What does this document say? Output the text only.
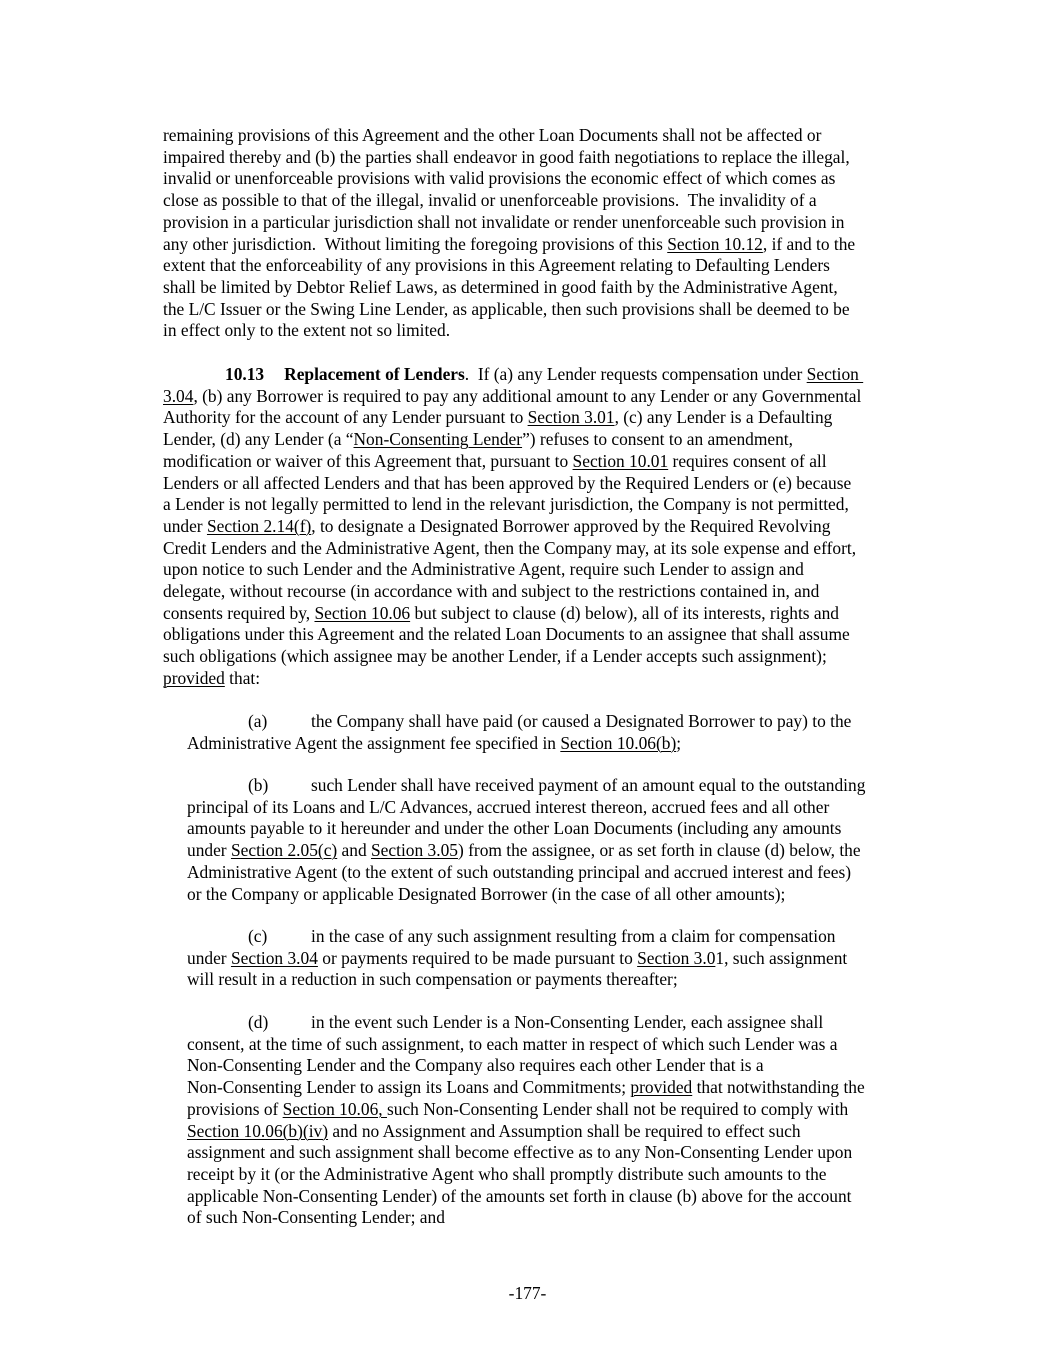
remaining provisions of this Agreement and the other Loan Documents shall not be affected or
impaired thereby and (b) the parties shall endeavor in good faith negotiations to replace the illegal,
invalid or unenforceable provisions with valid provisions the economic effect of which comes as
close as possible to that of the illegal, invalid or unenforceable provisions.  The invalidity of a
provision in a particular jurisdiction shall not invalidate or render unenforceable such provision in
any other jurisdiction.  Without limiting the foregoing provisions of this Section 10.12, if and to the
extent that the enforceability of any provisions in this Agreement relating to Defaulting Lenders
shall be limited by Debtor Relief Laws, as determined in good faith by the Administrative Agent,
the L/C Issuer or the Swing Line Lender, as applicable, then such provisions shall be deemed to be
in effect only to the extent not so limited.
10.13 Replacement of Lenders.  If (a) any Lender requests compensation under Section
3.04, (b) any Borrower is required to pay any additional amount to any Lender or any Governmental
Authority for the account of any Lender pursuant to Section 3.01, (c) any Lender is a Defaulting
Lender, (d) any Lender (a “Non-Consenting Lender”) refuses to consent to an amendment,
modification or waiver of this Agreement that, pursuant to Section 10.01 requires consent of all
Lenders or all affected Lenders and that has been approved by the Required Lenders or (e) because
a Lender is not legally permitted to lend in the relevant jurisdiction, the Company is not permitted,
under Section 2.14(f), to designate a Designated Borrower approved by the Required Revolving
Credit Lenders and the Administrative Agent, then the Company may, at its sole expense and effort,
upon notice to such Lender and the Administrative Agent, require such Lender to assign and
delegate, without recourse (in accordance with and subject to the restrictions contained in, and
consents required by, Section 10.06 but subject to clause (d) below), all of its interests, rights and
obligations under this Agreement and the related Loan Documents to an assignee that shall assume
such obligations (which assignee may be another Lender, if a Lender accepts such assignment);
provided that:
(a)	the Company shall have paid (or caused a Designated Borrower to pay) to the
Administrative Agent the assignment fee specified in Section 10.06(b);
(b) such Lender shall have received payment of an amount equal to the outstanding
principal of its Loans and L/C Advances, accrued interest thereon, accrued fees and all other
amounts payable to it hereunder and under the other Loan Documents (including any amounts
under Section 2.05(c) and Section 3.05) from the assignee, or as set forth in clause (d) below, the
Administrative Agent (to the extent of such outstanding principal and accrued interest and fees)
or the Company or applicable Designated Borrower (in the case of all other amounts);
(c)	in the case of any such assignment resulting from a claim for compensation
under Section 3.04 or payments required to be made pursuant to Section 3.01, such assignment
will result in a reduction in such compensation or payments thereafter;
(d) in the event such Lender is a Non-Consenting Lender, each assignee shall
consent, at the time of such assignment, to each matter in respect of which such Lender was a
Non-Consenting Lender and the Company also requires each other Lender that is a
Non-Consenting Lender to assign its Loans and Commitments; provided that notwithstanding the
provisions of Section 10.06, such Non-Consenting Lender shall not be required to comply with
Section 10.06(b)(iv) and no Assignment and Assumption shall be required to effect such
assignment and such assignment shall become effective as to any Non-Consenting Lender upon
receipt by it (or the Administrative Agent who shall promptly distribute such amounts to the
applicable Non-Consenting Lender) of the amounts set forth in clause (b) above for the account
of such Non-Consenting Lender; and
-177-
